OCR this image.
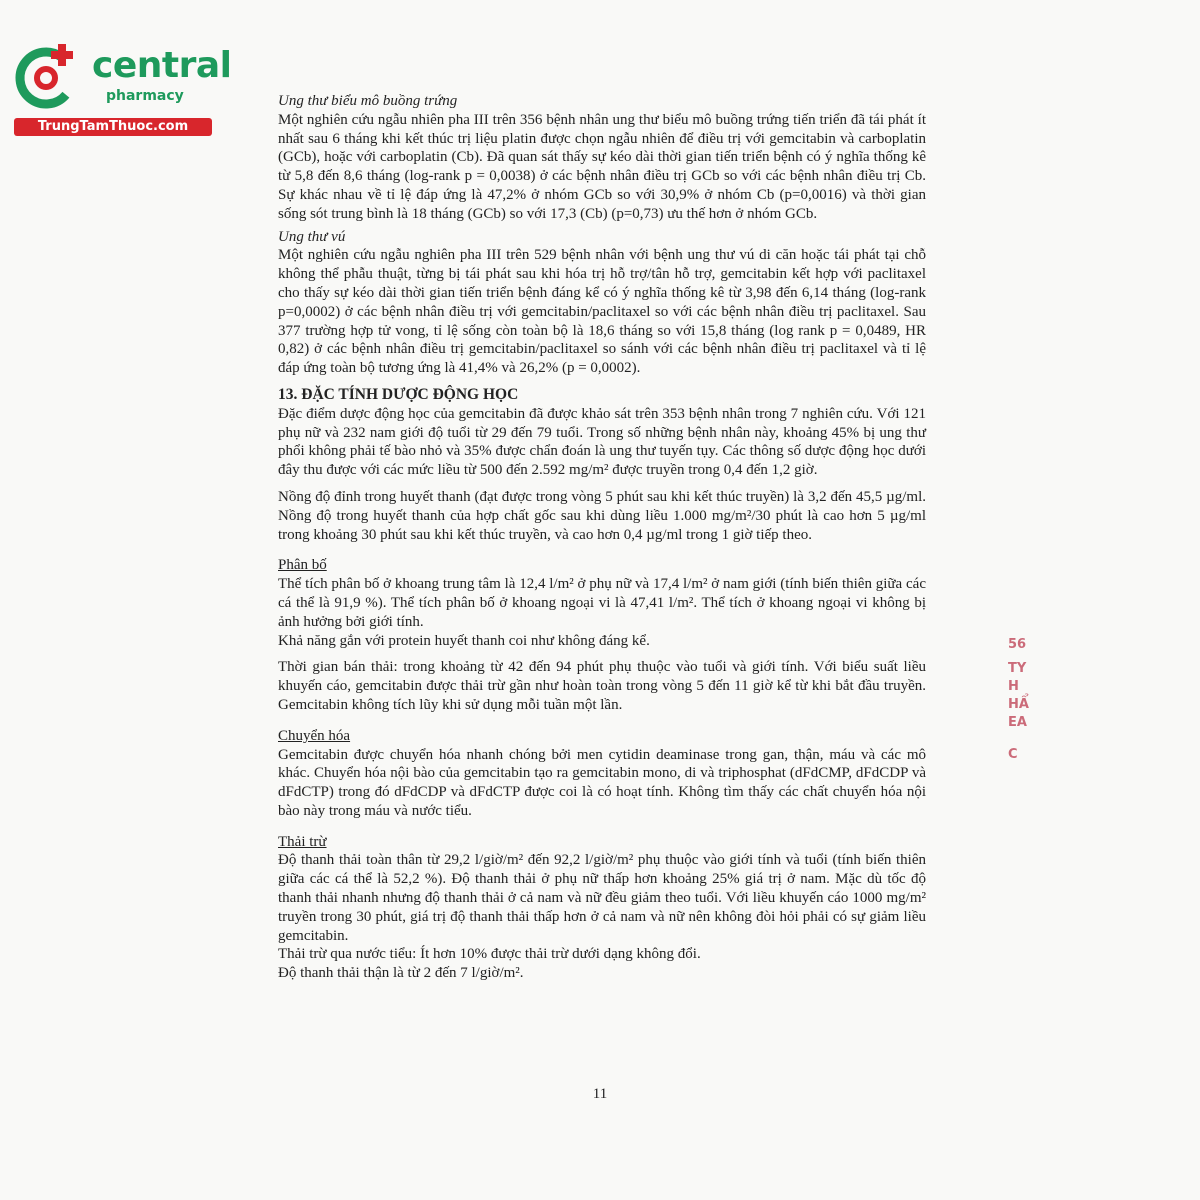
central
pharmacy
TrungTamThuoc.com

Ung thư biểu mô buồng trứng

Một nghiên cứu ngẫu nhiên pha III trên 356 bệnh nhân ung thư biểu mô buồng trứng tiến triển đã tái phát ít nhất sau 6 tháng khi kết thúc trị liệu platin được chọn ngẫu nhiên để điều trị với gemcitabin và carboplatin (GCb), hoặc với carboplatin (Cb). Đã quan sát thấy sự kéo dài thời gian tiến triển bệnh có ý nghĩa thống kê từ 5,8 đến 8,6 tháng (log-rank p = 0,0038) ở các bệnh nhân điều trị GCb so với các bệnh nhân điều trị Cb. Sự khác nhau về tỉ lệ đáp ứng là 47,2% ở nhóm GCb so với 30,9% ở nhóm Cb (p=0,0016) và thời gian sống sót trung bình là 18 tháng (GCb) so với 17,3 (Cb) (p=0,73) ưu thế hơn ở nhóm GCb.

Ung thư vú

Một nghiên cứu ngẫu nghiên pha III trên 529 bệnh nhân với bệnh ung thư vú di căn hoặc tái phát tại chỗ không thể phẫu thuật, từng bị tái phát sau khi hóa trị hỗ trợ/tân hỗ trợ, gemcitabin kết hợp với paclitaxel cho thấy sự kéo dài thời gian tiến triển bệnh đáng kể có ý nghĩa thống kê từ 3,98 đến 6,14 tháng (log-rank p=0,0002) ở các bệnh nhân điều trị với gemcitabin/paclitaxel so với các bệnh nhân điều trị paclitaxel. Sau 377 trường hợp tử vong, tỉ lệ sống còn toàn bộ là 18,6 tháng so với 15,8 tháng (log rank p = 0,0489, HR 0,82) ở các bệnh nhân điều trị gemcitabin/paclitaxel so sánh với các bệnh nhân điều trị paclitaxel và tỉ lệ đáp ứng toàn bộ tương ứng là 41,4% và 26,2% (p = 0,0002).

13. ĐẶC TÍNH DƯỢC ĐỘNG HỌC

Đặc điểm dược động học của gemcitabin đã được khảo sát trên 353 bệnh nhân trong 7 nghiên cứu. Với 121 phụ nữ và 232 nam giới độ tuổi từ 29 đến 79 tuổi. Trong số những bệnh nhân này, khoảng 45% bị ung thư phổi không phải tế bào nhỏ và 35% được chẩn đoán là ung thư tuyến tụy. Các thông số dược động học dưới đây thu được với các mức liều từ 500 đến 2.592 mg/m² được truyền trong 0,4 đến 1,2 giờ.

Nồng độ đỉnh trong huyết thanh (đạt được trong vòng 5 phút sau khi kết thúc truyền) là 3,2 đến 45,5 µg/ml. Nồng độ trong huyết thanh của hợp chất gốc sau khi dùng liều 1.000 mg/m²/30 phút là cao hơn 5 µg/ml trong khoảng 30 phút sau khi kết thúc truyền, và cao hơn 0,4 µg/ml trong 1 giờ tiếp theo.

Phân bố

Thể tích phân bố ở khoang trung tâm là 12,4 l/m² ở phụ nữ và 17,4 l/m² ở nam giới (tính biến thiên giữa các cá thể là 91,9 %). Thể tích phân bố ở khoang ngoại vi là 47,41 l/m². Thể tích ở khoang ngoại vi không bị ảnh hưởng bởi giới tính.

Khả năng gắn với protein huyết thanh coi như không đáng kể.

Thời gian bán thải: trong khoảng từ 42 đến 94 phút phụ thuộc vào tuổi và giới tính. Với biểu suất liều khuyến cáo, gemcitabin được thải trừ gần như hoàn toàn trong vòng 5 đến 11 giờ kể từ khi bắt đầu truyền. Gemcitabin không tích lũy khi sử dụng mỗi tuần một lần.

Chuyển hóa

Gemcitabin được chuyển hóa nhanh chóng bởi men cytidin deaminase trong gan, thận, máu và các mô khác. Chuyển hóa nội bào của gemcitabin tạo ra gemcitabin mono, di và triphosphat (dFdCMP, dFdCDP và dFdCTP) trong đó dFdCDP và dFdCTP được coi là có hoạt tính. Không tìm thấy các chất chuyển hóa nội bào này trong máu và nước tiểu.

Thải trừ

Độ thanh thải toàn thân từ 29,2 l/giờ/m² đến 92,2 l/giờ/m² phụ thuộc vào giới tính và tuổi (tính biến thiên giữa các cá thể là 52,2 %). Độ thanh thải ở phụ nữ thấp hơn khoảng 25% giá trị ở nam. Mặc dù tốc độ thanh thải nhanh nhưng độ thanh thải ở cả nam và nữ đều giảm theo tuổi. Với liều khuyến cáo 1000 mg/m² truyền trong 30 phút, giá trị độ thanh thải thấp hơn ở cả nam và nữ nên không đòi hỏi phải có sự giảm liều gemcitabin.

Thải trừ qua nước tiểu: Ít hơn 10% được thải trừ dưới dạng không đổi.

Độ thanh thải thận là từ 2 đến 7 l/giờ/m².

11
56
TY
H
HẨ
EA
C
